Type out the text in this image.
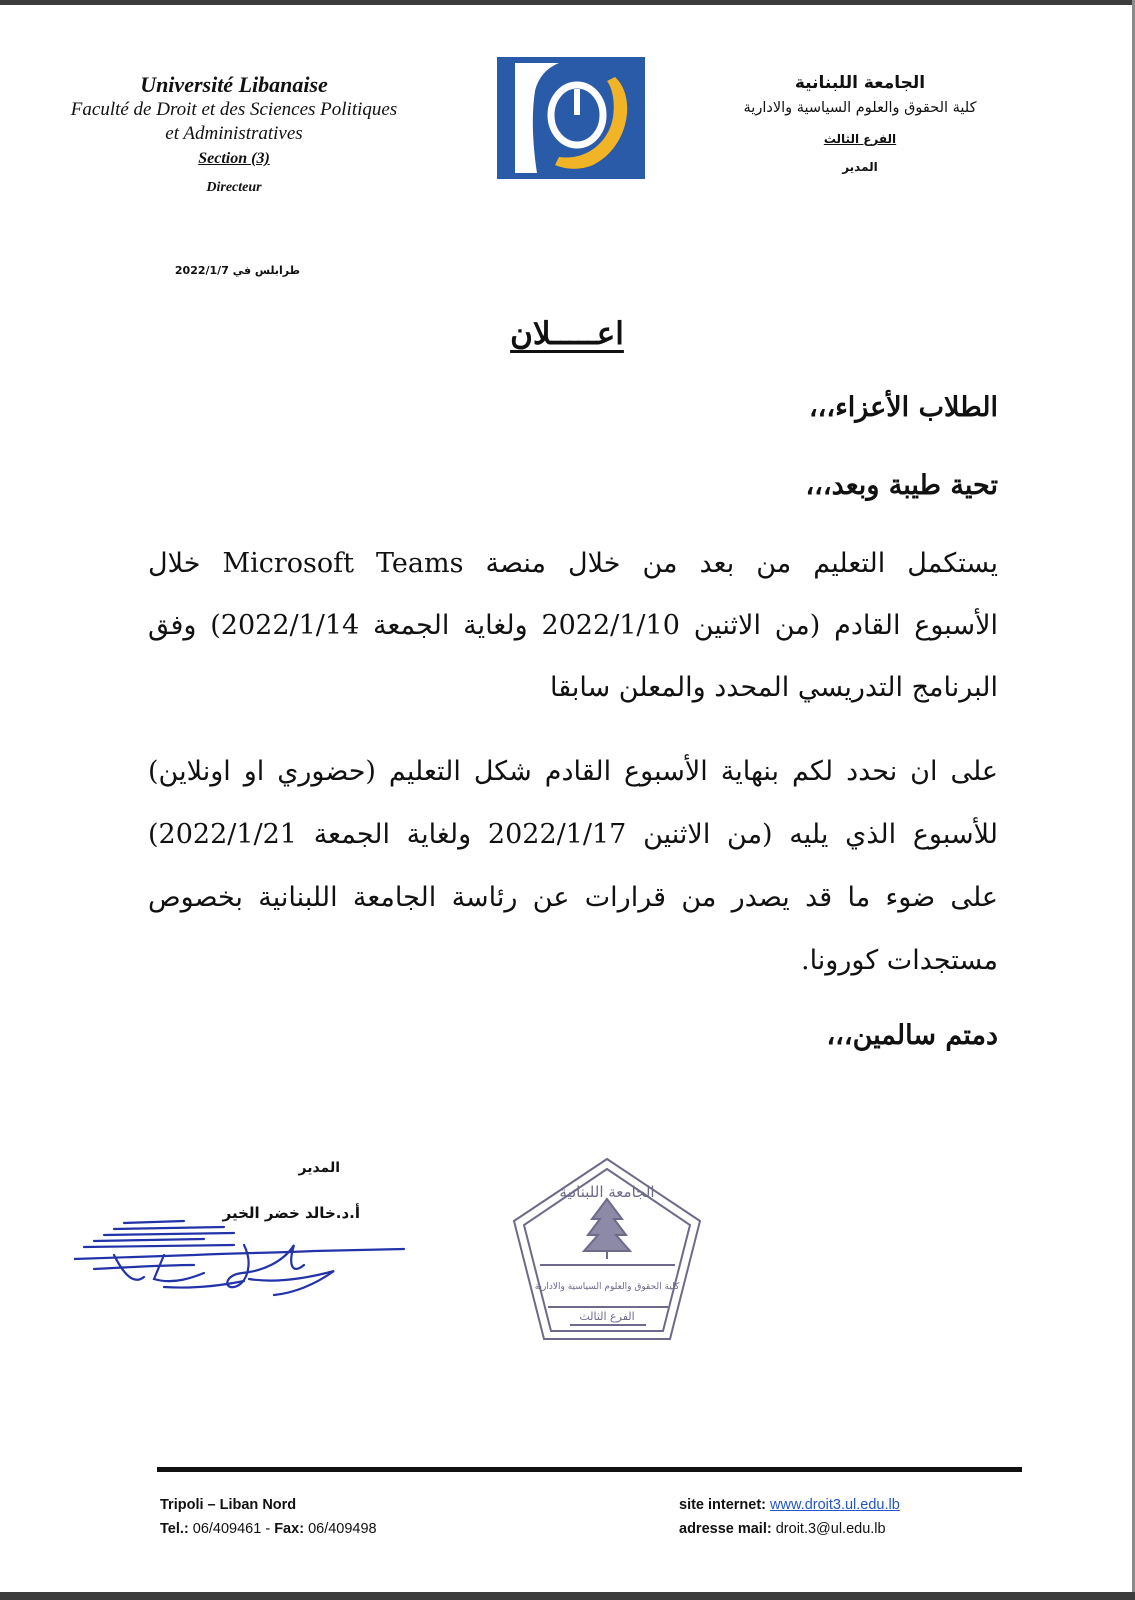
Université Libanaise
Faculté de Droit et des Sciences Politiques
et Administratives
Section (3)
Directeur
الجامعة اللبنانية
كلية الحقوق والعلوم السياسية والادارية
الفرع الثالث
المدير
طرابلس في 2022/1/7
اعـــــلان
الطلاب الأعزاء،،،
تحية طيبة وبعد،،،
يستكمل التعليم من بعد من خلال منصة Microsoft Teams خلال
الأسبوع القادم (من الاثنين 2022/1/10 ولغاية الجمعة 2022/1/14) وفق
البرنامج التدريسي المحدد والمعلن سابقا
على ان نحدد لكم بنهاية الأسبوع القادم شكل التعليم (حضوري او اونلاين)
للأسبوع الذي يليه (من الاثنين 2022/1/17 ولغاية الجمعة 2022/1/21)
على ضوء ما قد يصدر من قرارات عن رئاسة الجامعة اللبنانية بخصوص
مستجدات كورونا.
دمتم سالمين،،،
المدير
أ.د.خالد خضر الخير
الجامعة اللبنانية
كلية الحقوق والعلوم السياسية والادارية
الفرع الثالث
Tripoli – Liban Nord
Tel.: 06/409461 - Fax: 06/409498
site internet: www.droit3.ul.edu.lb
adresse mail: droit.3@ul.edu.lb
